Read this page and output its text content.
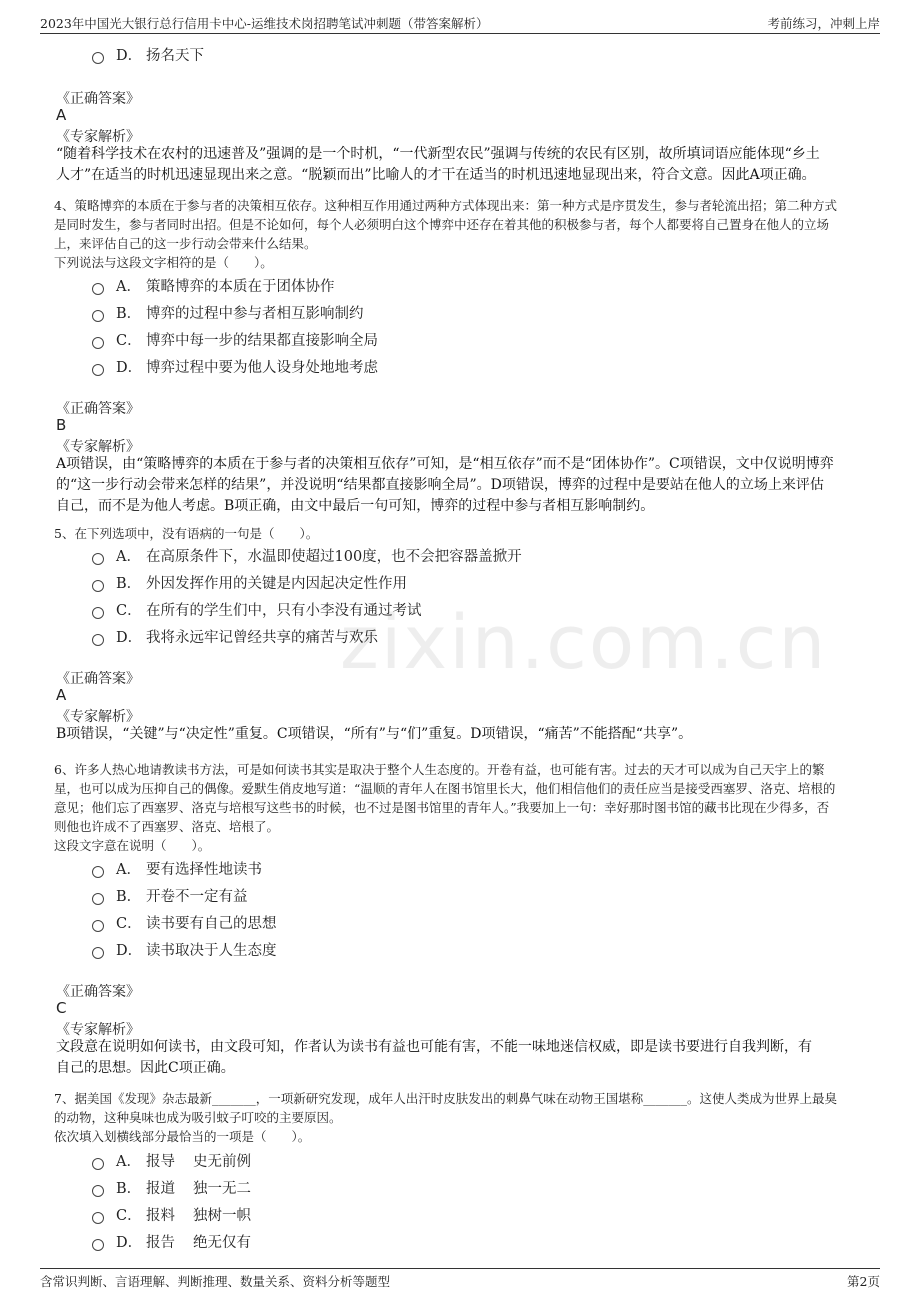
2023年中国光大银行总行信用卡中心-运维技术岗招聘笔试冲刺题（带答案解析）	考前练习，冲刺上岸
zixin.com.cn
D． 扬名天下
《正确答案》
A
《专家解析》
“随着科学技术在农村的迅速普及”强调的是一个时机，“一代新型农民”强调与传统的农民有区别，故所填词语应能体现“乡土
人才”在适当的时机迅速显现出来之意。“脱颖而出”比喻人的才干在适当的时机迅速地显现出来，符合文意。因此A项正确。
4、策略博弈的本质在于参与者的决策相互依存。这种相互作用通过两种方式体现出来：第一种方式是序贯发生，参与者轮流出招；第二种方式
是同时发生，参与者同时出招。但是不论如何，每个人必须明白这个博弈中还存在着其他的积极参与者，每个人都要将自己置身在他人的立场
上，来评估自己的这一步行动会带来什么结果。
下列说法与这段文字相符的是（　　）。
A． 策略博弈的本质在于团体协作
B． 博弈的过程中参与者相互影响制约
C． 博弈中每一步的结果都直接影响全局
D． 博弈过程中要为他人设身处地地考虑
《正确答案》
B
《专家解析》
A项错误，由“策略博弈的本质在于参与者的决策相互依存”可知，是“相互依存”而不是“团体协作”。C项错误，文中仅说明博弈
的“这一步行动会带来怎样的结果”，并没说明“结果都直接影响全局”。D项错误，博弈的过程中是要站在他人的立场上来评估
自己，而不是为他人考虑。B项正确，由文中最后一句可知，博弈的过程中参与者相互影响制约。
5、在下列选项中，没有语病的一句是（　　）。
A． 在高原条件下，水温即使超过100度，也不会把容器盖掀开
B． 外因发挥作用的关键是内因起决定性作用
C． 在所有的学生们中，只有小李没有通过考试
D． 我将永远牢记曾经共享的痛苦与欢乐
《正确答案》
A
《专家解析》
B项错误，“关键”与“决定性”重复。C项错误，“所有”与“们”重复。D项错误，“痛苦”不能搭配“共享”。
6、许多人热心地请教读书方法，可是如何读书其实是取决于整个人生态度的。开卷有益，也可能有害。过去的天才可以成为自己天宇上的繁
星，也可以成为压抑自己的偶像。爱默生俏皮地写道：“温顺的青年人在图书馆里长大，他们相信他们的责任应当是接受西塞罗、洛克、培根的
意见；他们忘了西塞罗、洛克与培根写这些书的时候，也不过是图书馆里的青年人。”我要加上一句：幸好那时图书馆的藏书比现在少得多，否
则他也许成不了西塞罗、洛克、培根了。
这段文字意在说明（　　）。
A． 要有选择性地读书
B． 开卷不一定有益
C． 读书要有自己的思想
D． 读书取决于人生态度
《正确答案》
C
《专家解析》
文段意在说明如何读书，由文段可知，作者认为读书有益也可能有害，不能一味地迷信权威，即是读书要进行自我判断，有
自己的思想。因此C项正确。
7、据美国《发现》杂志最新_______，一项新研究发现，成年人出汗时皮肤发出的刺鼻气味在动物王国堪称_______。这使人类成为世界上最臭
的动物，这种臭味也成为吸引蚊子叮咬的主要原因。
依次填入划横线部分最恰当的一项是（　　）。
A． 报导 史无前例
B． 报道 独一无二
C． 报料 独树一帜
D． 报告 绝无仅有
含常识判断、言语理解、判断推理、数量关系、资料分析等题型	第2页
